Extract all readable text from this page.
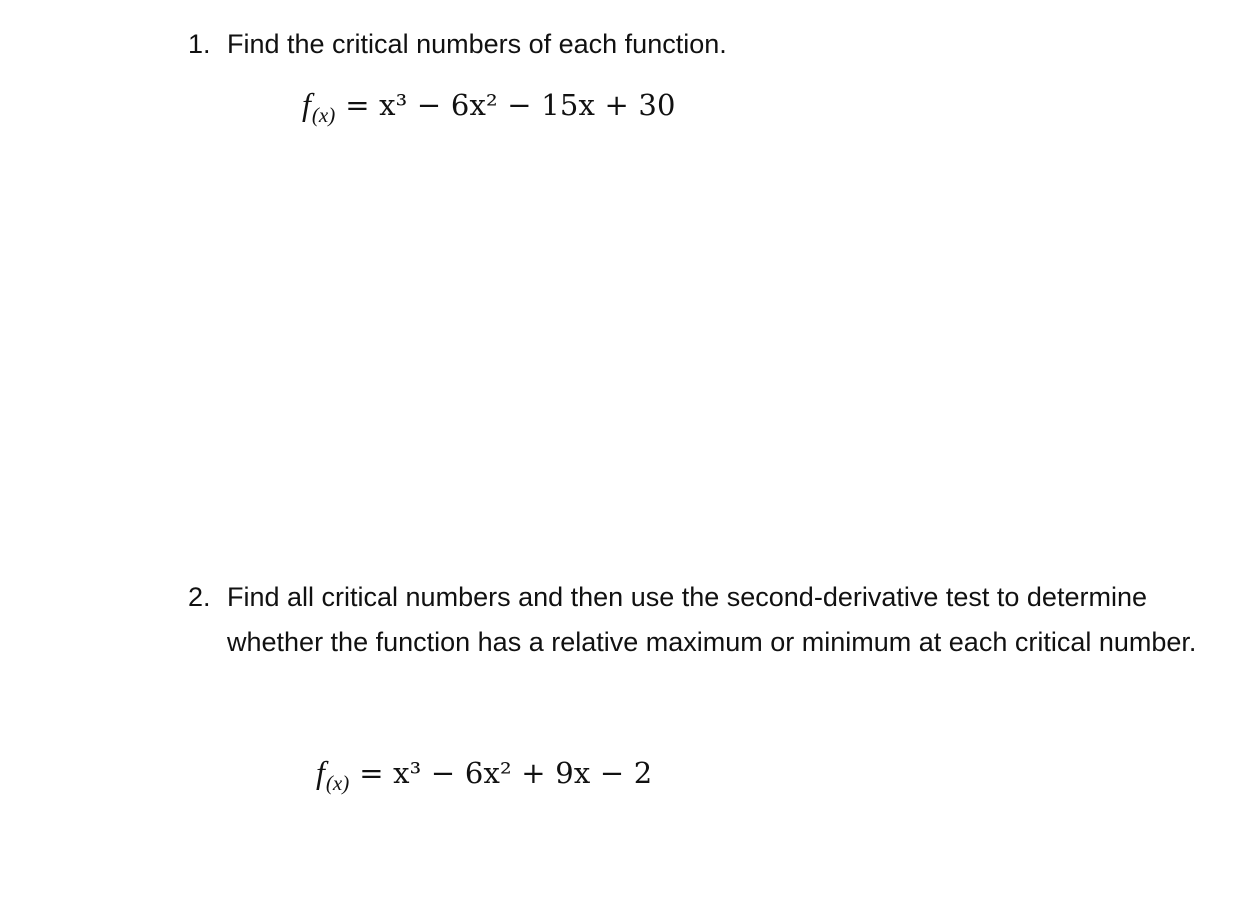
1. Find the critical numbers of each function.
$f_{(x)} = x^3 - 6x^2 - 15x + 30$
2. Find all critical numbers and then use the second-derivative test to determine whether the function has a relative maximum or minimum at each critical number.
$f_{(x)} = x^3 - 6x^2 + 9x - 2$
